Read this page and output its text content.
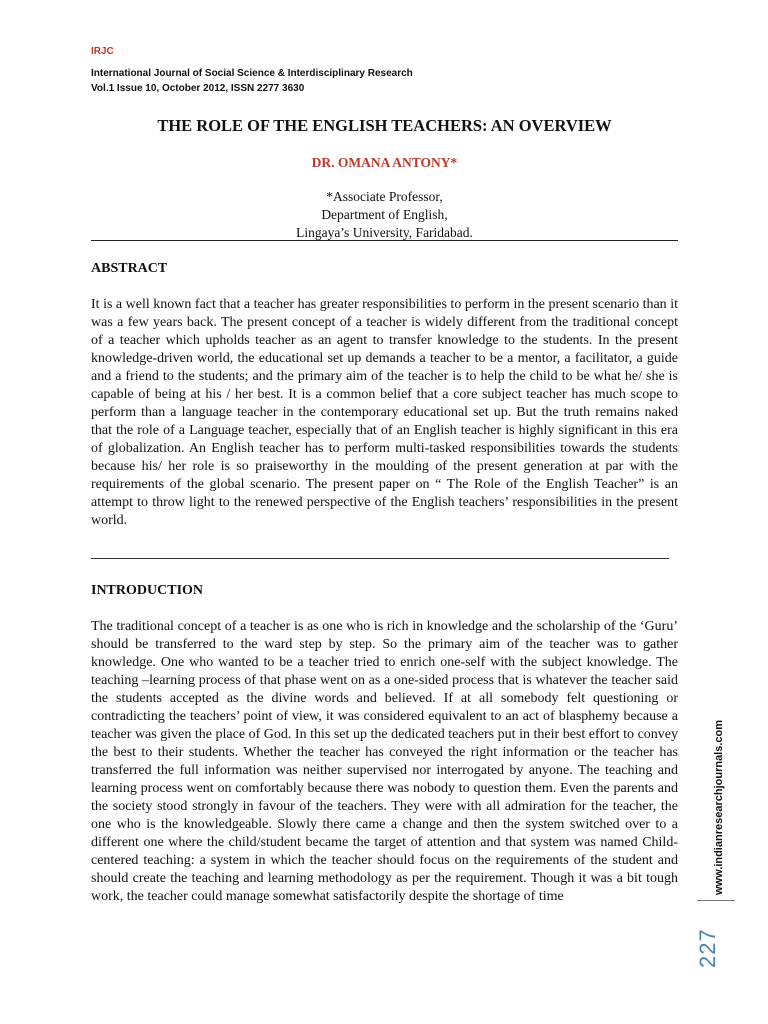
IRJC
International Journal of Social Science & Interdisciplinary Research
Vol.1 Issue 10, October 2012, ISSN 2277 3630
THE ROLE OF THE ENGLISH TEACHERS: AN OVERVIEW
DR. OMANA ANTONY*
*Associate Professor,
Department of English,
Lingaya’s University, Faridabad.
ABSTRACT

It is a well known fact that a teacher has greater responsibilities to perform in the present scenario than it was a few years back. The present concept of a teacher is widely different from the traditional concept of a teacher which upholds teacher as an agent to transfer knowledge to the students. In the present knowledge-driven world, the educational set up demands a teacher to be a mentor, a facilitator, a guide and a friend to the students; and the primary aim of the teacher is to help the child to be what he/ she is capable of being at his / her best. It is a common belief that a core subject teacher has much scope to perform than a language teacher in the contemporary educational set up. But the truth remains naked that the role of a Language teacher, especially that of an English teacher is highly significant in this era of globalization. An English teacher has to perform multi-tasked responsibilities towards the students because his/ her role is so praiseworthy in the moulding of the present generation at par with the requirements of the global scenario. The present paper on “ The Role of the English Teacher” is an attempt to throw light to the renewed perspective of the English teachers’ responsibilities in the present world.

INTRODUCTION

The traditional concept of a teacher is as one who is rich in knowledge and the scholarship of the ‘Guru’ should be transferred to the ward step by step. So the primary aim of the teacher was to gather knowledge. One who wanted to be a teacher tried to enrich one-self with the subject knowledge. The teaching –learning process of that phase went on as a one-sided process that is whatever the teacher said the students accepted as the divine words and believed. If at all somebody felt questioning or contradicting the teachers’ point of view, it was considered equivalent to an act of blasphemy because a teacher was given the place of God. In this set up the dedicated teachers put in their best effort to convey the best to their students. Whether the teacher has conveyed the right information or the teacher has transferred the full information was neither supervised nor interrogated by anyone. The teaching and learning process went on comfortably because there was nobody to question them. Even the parents and the society stood strongly in favour of the teachers. They were with all admiration for the teacher, the one who is the knowledgeable. Slowly there came a change and then the system switched over to a different one where the child/student became the target of attention and that system was named Child-centered teaching: a system in which the teacher should focus on the requirements of the student and should create the teaching and learning methodology as per the requirement. Though it was a bit tough work, the teacher could manage somewhat satisfactorily despite the shortage of time

www.indianresearchjournals.com
227
